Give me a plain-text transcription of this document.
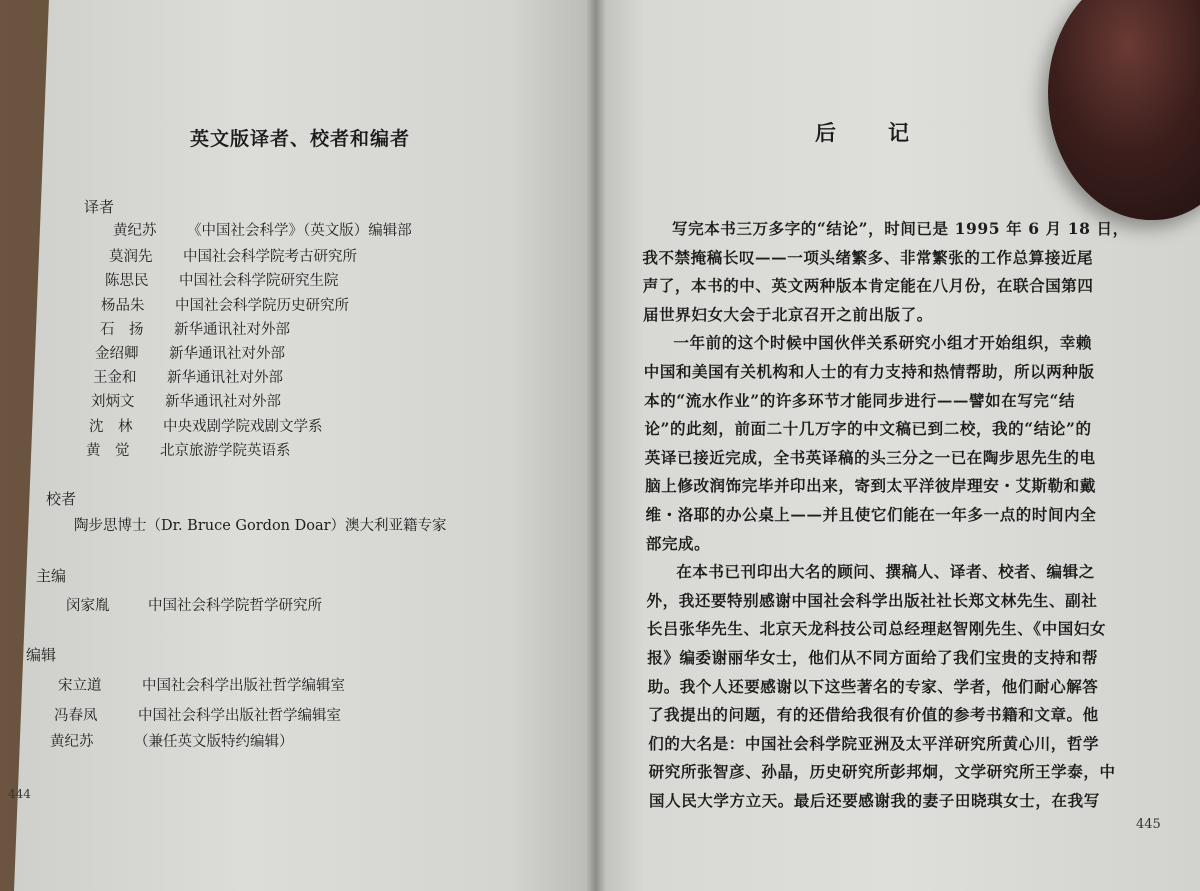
英文版译者、校者和编者
译者
黄纪苏 《中国社会科学》（英文版）编辑部
莫润先 中国社会科学院考古研究所
陈思民 中国社会科学院研究生院
杨品朱 中国社会科学院历史研究所
石　扬 新华通讯社对外部
金绍卿 新华通讯社对外部
王金和 新华通讯社对外部
刘炳文 新华通讯社对外部
沈　林 中央戏剧学院戏剧文学系
黄　觉 北京旅游学院英语系
校者
陶步思博士（Dr. Bruce Gordon Doar）澳大利亚籍专家
主编
闵家胤	中国社会科学院哲学研究所
编辑
宋立道	中国社会科学出版社哲学编辑室
冯春凤	中国社会科学出版社哲学编辑室
黄纪苏	（兼任英文版特约编辑）
444
后记
写完本书三万多字的“结论”，时间已是 1995 年 6 月 18 日，
我不禁掩稿长叹——一项头绪繁多、非常繁张的工作总算接近尾
声了，本书的中、英文两种版本肯定能在八月份，在联合国第四
届世界妇女大会于北京召开之前出版了。
一年前的这个时候中国伙伴关系研究小组才开始组织，幸赖
中国和美国有关机构和人士的有力支持和热情帮助，所以两种版
本的“流水作业”的许多环节才能同步进行——譬如在写完“结
论”的此刻，前面二十几万字的中文稿已到二校，我的“结论”的
英译已接近完成，全书英译稿的头三分之一已在陶步思先生的电
脑上修改润饰完毕并印出来，寄到太平洋彼岸理安・艾斯勒和戴
维・洛耶的办公桌上——并且使它们能在一年多一点的时间内全
部完成。
在本书已刊印出大名的顾问、撰稿人、译者、校者、编辑之
外，我还要特别感谢中国社会科学出版社社长郑文林先生、副社
长吕张华先生、北京天龙科技公司总经理赵智刚先生、《中国妇女
报》编委谢丽华女士，他们从不同方面给了我们宝贵的支持和帮
助。我个人还要感谢以下这些著名的专家、学者，他们耐心解答
了我提出的问题，有的还借给我很有价值的参考书籍和文章。他
们的大名是：中国社会科学院亚洲及太平洋研究所黄心川，哲学
研究所张智彦、孙晶，历史研究所彭邦炯，文学研究所王学泰，中
国人民大学方立天。最后还要感谢我的妻子田晓琪女士，在我写
445
